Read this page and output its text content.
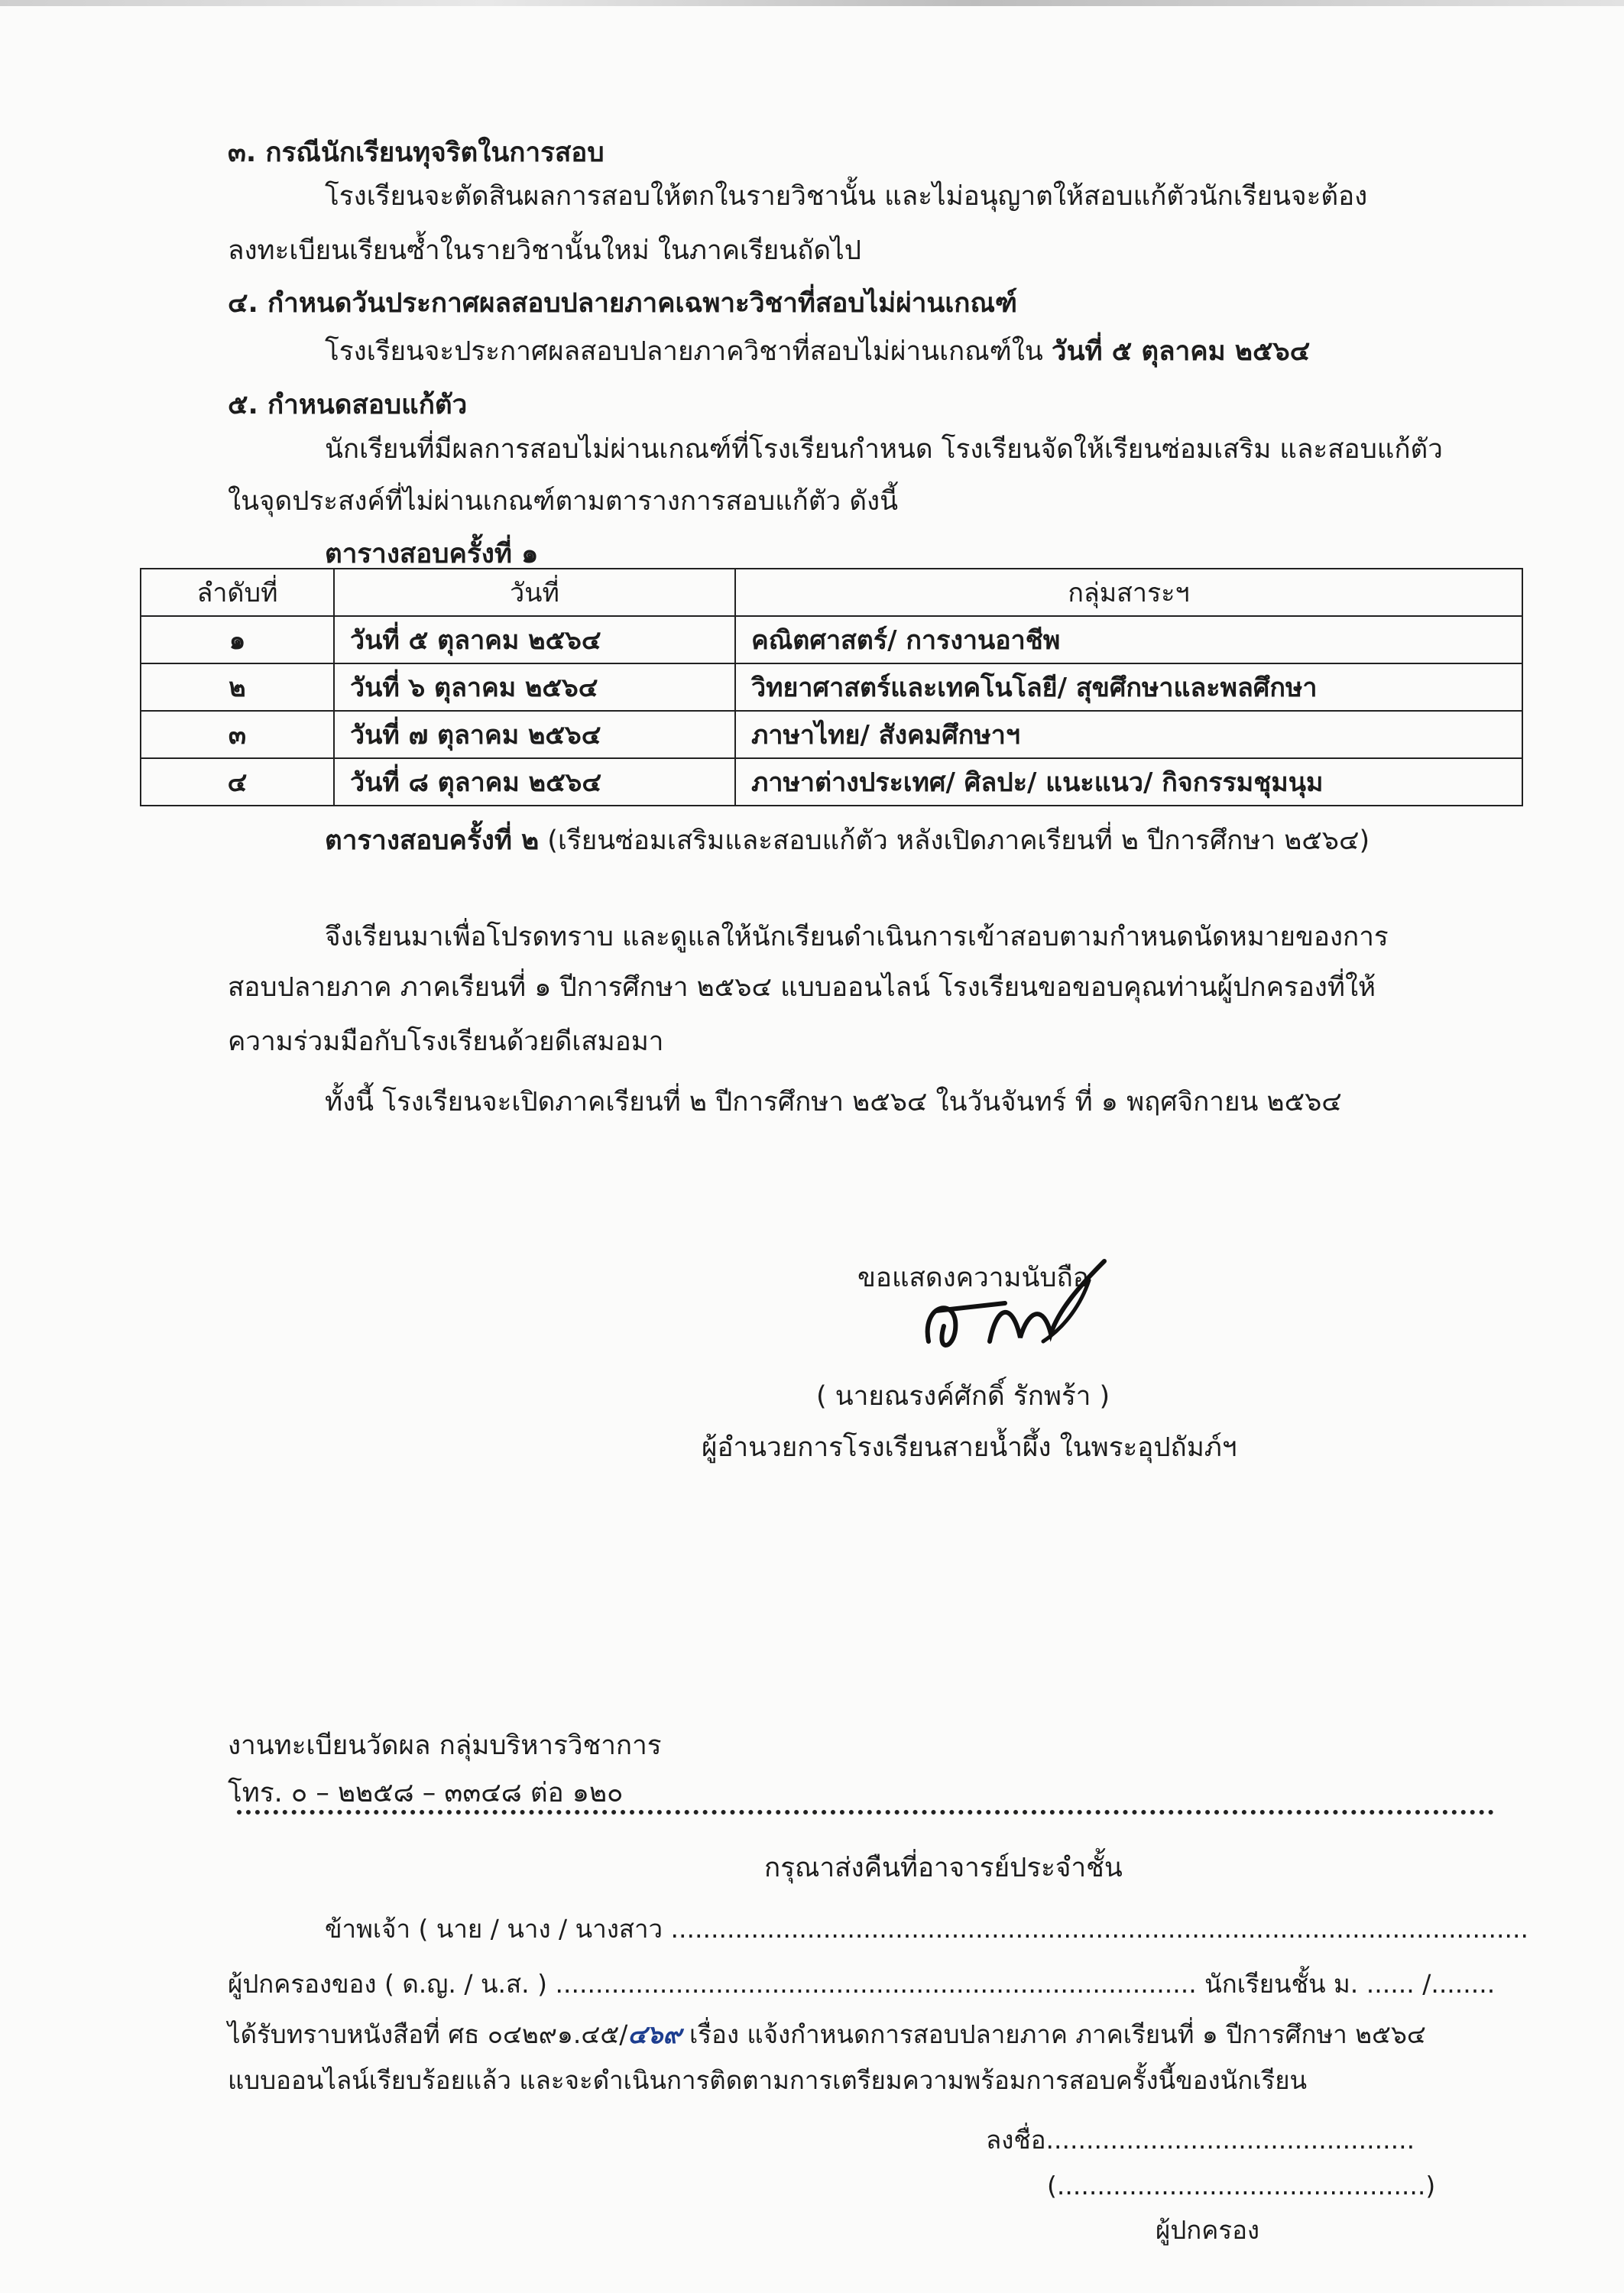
๓. กรณีนักเรียนทุจริตในการสอบ
โรงเรียนจะตัดสินผลการสอบให้ตกในรายวิชานั้น และไม่อนุญาตให้สอบแก้ตัวนักเรียนจะต้อง
ลงทะเบียนเรียนซ้ำในรายวิชานั้นใหม่ ในภาคเรียนถัดไป
๔. กำหนดวันประกาศผลสอบปลายภาคเฉพาะวิชาที่สอบไม่ผ่านเกณฑ์
โรงเรียนจะประกาศผลสอบปลายภาควิชาที่สอบไม่ผ่านเกณฑ์ใน วันที่ ๕ ตุลาคม ๒๕๖๔
๕. กำหนดสอบแก้ตัว
นักเรียนที่มีผลการสอบไม่ผ่านเกณฑ์ที่โรงเรียนกำหนด โรงเรียนจัดให้เรียนซ่อมเสริม และสอบแก้ตัว
ในจุดประสงค์ที่ไม่ผ่านเกณฑ์ตามตารางการสอบแก้ตัว ดังนี้
ตารางสอบครั้งที่ ๑
ลำดับที่	วันที่	กลุ่มสาระฯ
๑	วันที่ ๕ ตุลาคม ๒๕๖๔	คณิตศาสตร์/ การงานอาชีพ
๒	วันที่ ๖ ตุลาคม ๒๕๖๔	วิทยาศาสตร์และเทคโนโลยี/ สุขศึกษาและพลศึกษา
๓	วันที่ ๗ ตุลาคม ๒๕๖๔	ภาษาไทย/ สังคมศึกษาฯ
๔	วันที่ ๘ ตุลาคม ๒๕๖๔	ภาษาต่างประเทศ/ ศิลปะ/ แนะแนว/ กิจกรรมชุมนุม
ตารางสอบครั้งที่ ๒ (เรียนซ่อมเสริมและสอบแก้ตัว หลังเปิดภาคเรียนที่ ๒ ปีการศึกษา ๒๕๖๔)
จึงเรียนมาเพื่อโปรดทราบ และดูแลให้นักเรียนดำเนินการเข้าสอบตามกำหนดนัดหมายของการ
สอบปลายภาค ภาคเรียนที่ ๑ ปีการศึกษา ๒๕๖๔ แบบออนไลน์ โรงเรียนขอขอบคุณท่านผู้ปกครองที่ให้
ความร่วมมือกับโรงเรียนด้วยดีเสมอมา
ทั้งนี้ โรงเรียนจะเปิดภาคเรียนที่ ๒ ปีการศึกษา ๒๕๖๔ ในวันจันทร์ ที่ ๑ พฤศจิกายน ๒๕๖๔
ขอแสดงความนับถือ
( นายณรงค์ศักดิ์ รักพร้า )
ผู้อำนวยการโรงเรียนสายน้ำผึ้ง ในพระอุปถัมภ์ฯ
งานทะเบียนวัดผล กลุ่มบริหารวิชาการ
โทร. ๐ – ๒๒๕๘ – ๓๓๔๘ ต่อ ๑๒๐
กรุณาส่งคืนที่อาจารย์ประจำชั้น
ข้าพเจ้า ( นาย / นาง / นางสาว ...........................................................................................................
ผู้ปกครองของ ( ด.ญ. / น.ส. ) ................................................................................ นักเรียนชั้น ม. ...... /........
ได้รับทราบหนังสือที่ ศธ ๐๔๒๙๑.๔๕/๔๖๙ เรื่อง แจ้งกำหนดการสอบปลายภาค ภาคเรียนที่ ๑ ปีการศึกษา ๒๕๖๔
แบบออนไลน์เรียบร้อยแล้ว และจะดำเนินการติดตามการเตรียมความพร้อมการสอบครั้งนี้ของนักเรียน
ลงชื่อ..............................................
(..............................................)
ผู้ปกครอง
